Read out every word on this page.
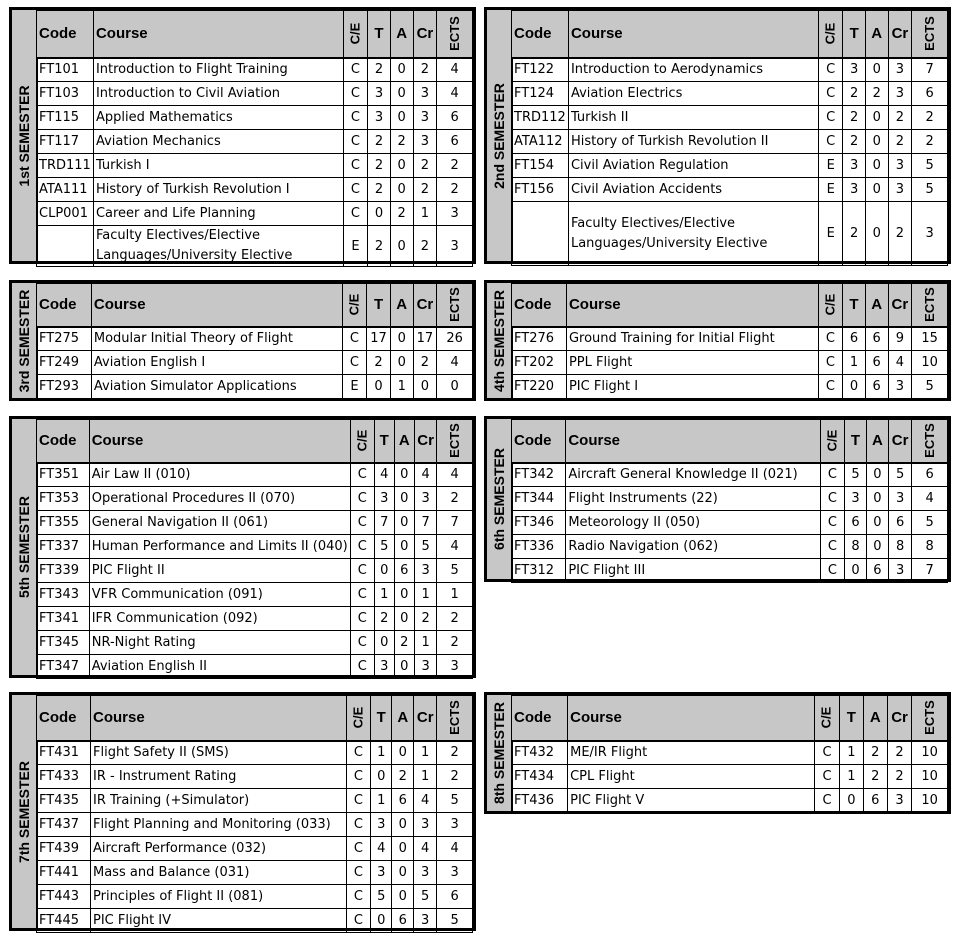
1st SEMESTER
Code	Course	C/E	T	A	Cr	ECTS
FT101	Introduction to Flight Training	C	2	0	2	4
FT103	Introduction to Civil Aviation	C	3	0	3	4
FT115	Applied Mathematics	C	3	0	3	6
FT117	Aviation Mechanics	C	2	2	3	6
TRD111	Turkish I	C	2	0	2	2
ATA111	History of Turkish Revolution I	C	2	0	2	2
CLP001	Career and Life Planning	C	0	2	1	3
	Faculty Electives/Elective Languages/University Elective	E	2	0	2	3
2nd SEMESTER
Code	Course	C/E	T	A	Cr	ECTS
FT122	Introduction to Aerodynamics	C	3	0	3	7
FT124	Aviation Electrics	C	2	2	3	6
TRD112	Turkish II	C	2	0	2	2
ATA112	History of Turkish Revolution II	C	2	0	2	2
FT154	Civil Aviation Regulation	E	3	0	3	5
FT156	Civil Aviation Accidents	E	3	0	3	5
	Faculty Electives/Elective Languages/University Elective	E	2	0	2	3
3rd SEMESTER Code	Course	C/E	T	A	Cr	ECTS
FT275	Modular Initial Theory of Flight	C	17	0	17	26
FT249	Aviation English I	C	2	0	2	4
FT293	Aviation Simulator Applications	E	0	1	0	0 4th SEMESTER Code	Course	C/E	T	A	Cr	ECTS
FT276	Ground Training for Initial Flight	C	6	6	9	15
FT202	PPL Flight	C	1	6	4	10
FT220	PIC Flight I	C	0	6	3	5
5th SEMESTER
Code	Course	C/E	T	A	Cr	ECTS
FT351	Air Law II (010)	C	4	0	4	4
FT353	Operational Procedures II (070)	C	3	0	3	2
FT355	General Navigation II (061)	C	7	0	7	7
FT337	Human Performance and Limits II (040)	C	5	0	5	4
FT339	PIC Flight II	C	0	6	3	5
FT343	VFR Communication (091)	C	1	0	1	1
FT341	IFR Communication (092)	C	2	0	2	2
FT345	NR-Night Rating	C	0	2	1	2
FT347	Aviation English II	C	3	0	3	3
6th SEMESTER
Code	Course	C/E	T	A	Cr	ECTS
FT342	Aircraft General Knowledge II (021)	C	5	0	5	6
FT344	Flight Instruments (22)	C	3	0	3	4
FT346	Meteorology II (050)	C	6	0	6	5
FT336	Radio Navigation (062)	C	8	0	8	8
FT312	PIC Flight III	C	0	6	3	7
7th SEMESTER
Code	Course	C/E	T	A	Cr	ECTS
FT431	Flight Safety II (SMS)	C	1	0	1	2
FT433	IR - Instrument Rating	C	0	2	1	2
FT435	IR Training (+Simulator)	C	1	6	4	5
FT437	Flight Planning and Monitoring (033)	C	3	0	3	3
FT439	Aircraft Performance (032)	C	4	0	4	4
FT441	Mass and Balance (031)	C	3	0	3	3
FT443	Principles of Flight II (081)	C	5	0	5	6
FT445	PIC Flight IV	C	0	6	3	5
8th SEMESTER Code	Course	C/E	T	A	Cr	ECTS
FT432	ME/IR Flight	C	1	2	2	10
FT434	CPL Flight	C	1	2	2	10
FT436	PIC Flight V	C	0	6	3	10
